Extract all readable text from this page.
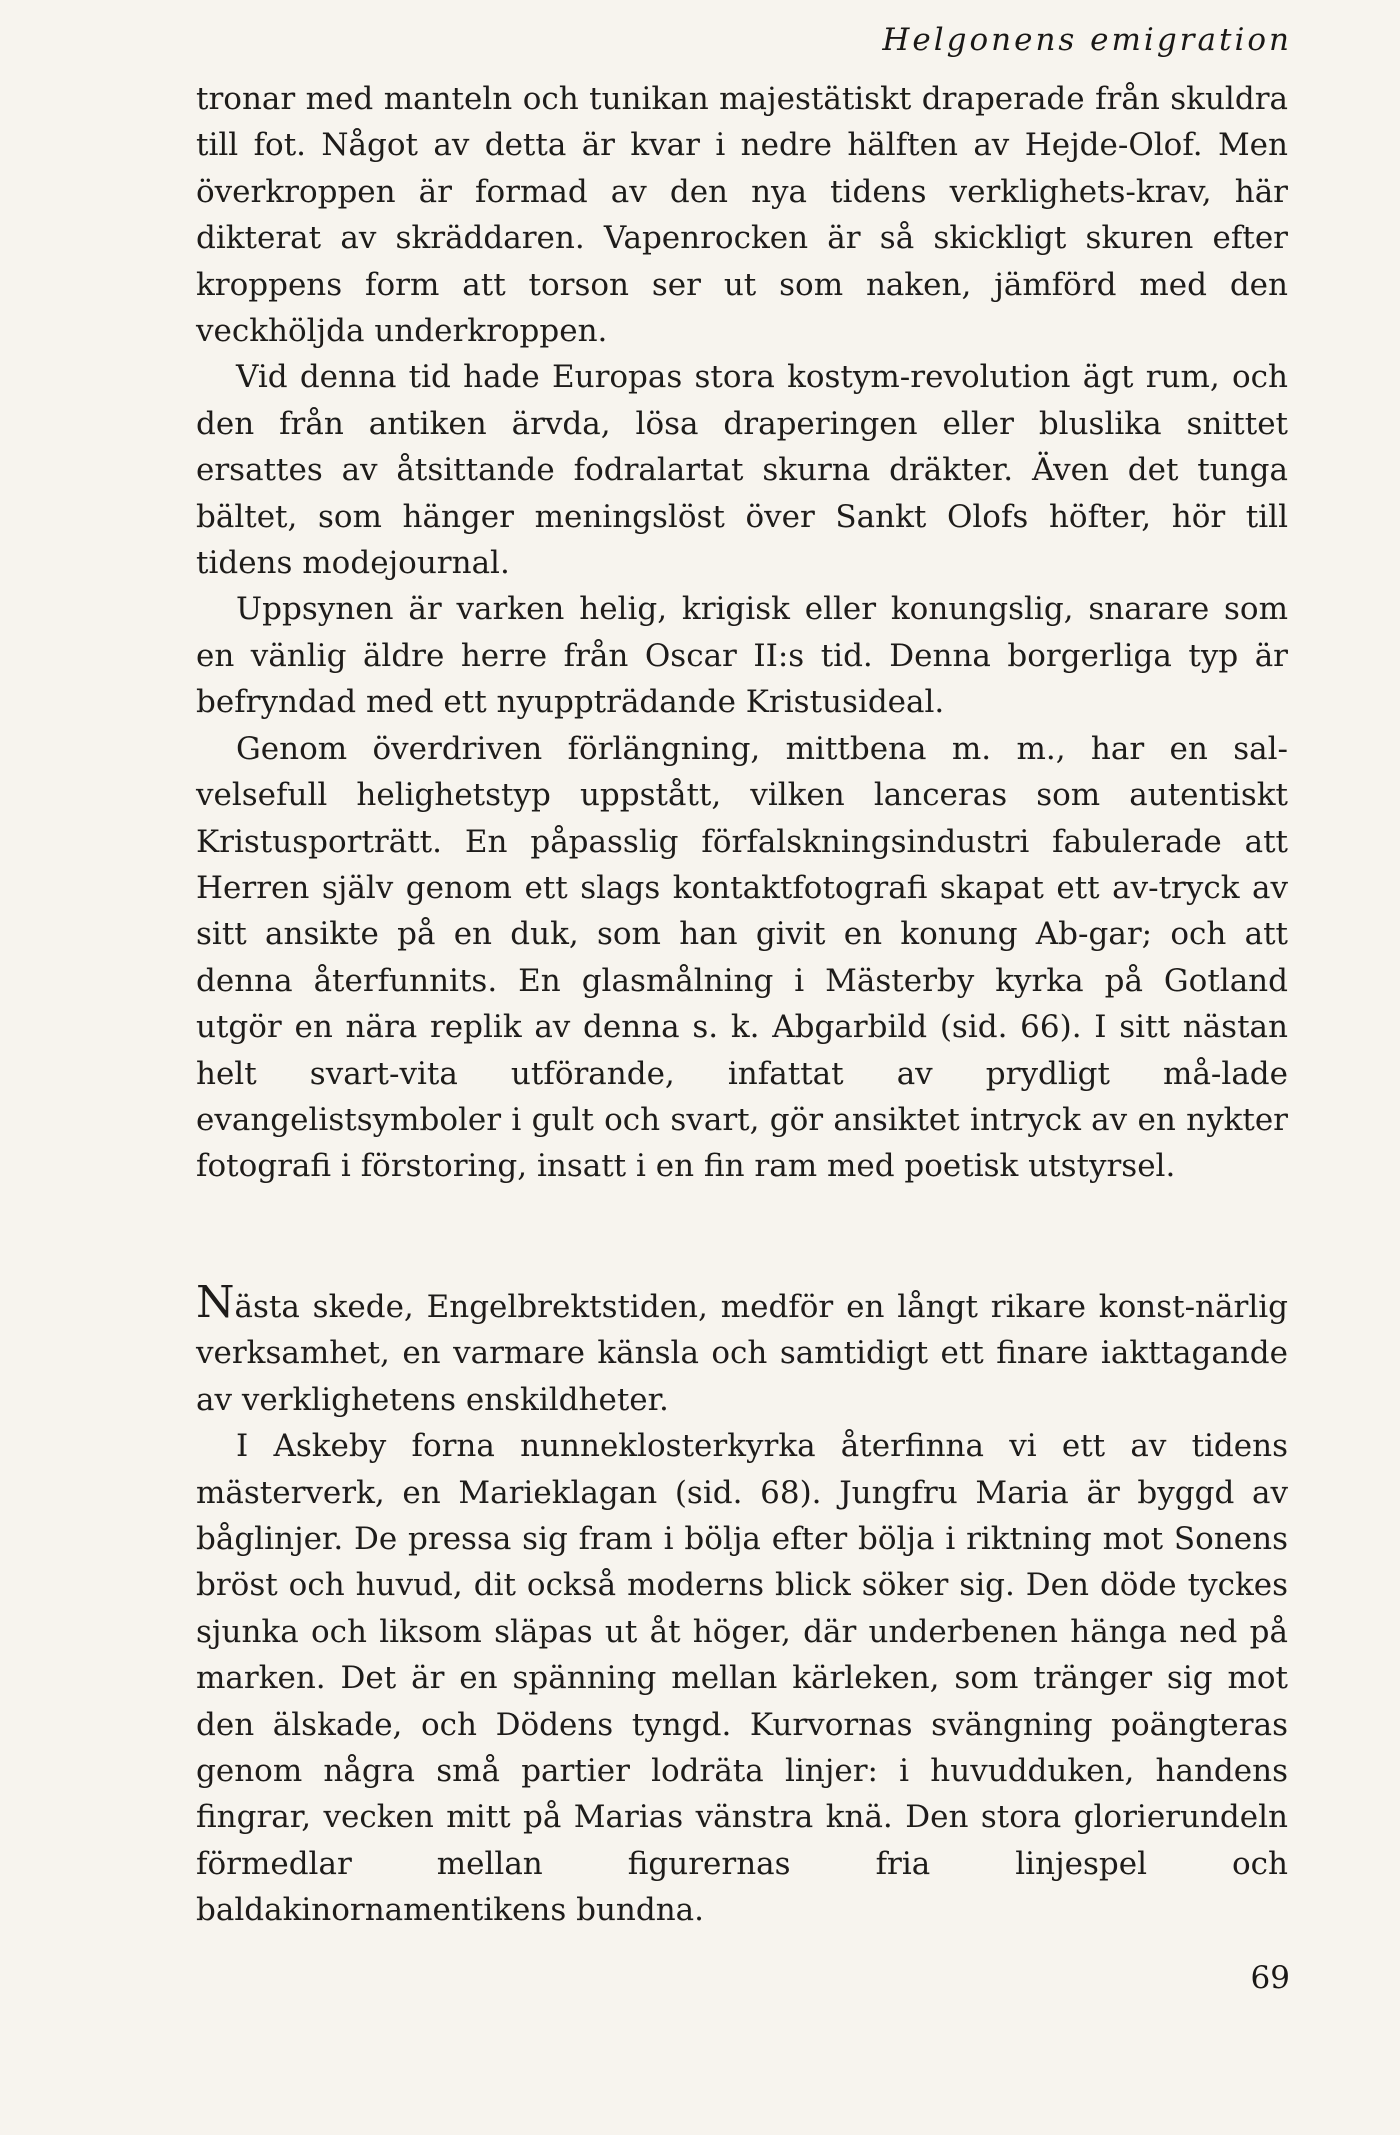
Helgonens emigration

tronar med manteln och tunikan majestätiskt draperade från skuldra till fot. Något av detta är kvar i nedre hälften av Hejde-Olof. Men överkroppen är formad av den nya tidens verklighets-krav, här dikterat av skräddaren. Vapenrocken är så skickligt skuren efter kroppens form att torson ser ut som naken, jämförd med den veckhöljda underkroppen.

Vid denna tid hade Europas stora kostym-revolution ägt rum, och den från antiken ärvda, lösa draperingen eller bluslika snittet ersattes av åtsittande fodralartat skurna dräkter. Även det tunga bältet, som hänger meningslöst över Sankt Olofs höfter, hör till tidens modejournal.

Uppsynen är varken helig, krigisk eller konungslig, snarare som en vänlig äldre herre från Oscar II:s tid. Denna borgerliga typ är befryndad med ett nyuppträdande Kristusideal.

Genom överdriven förlängning, mittbena m. m., har en sal-velsefull helighetstyp uppstått, vilken lanceras som autentiskt Kristusporträtt. En påpasslig förfalskningsindustri fabulerade att Herren själv genom ett slags kontaktfotografi skapat ett av-tryck av sitt ansikte på en duk, som han givit en konung Ab-gar; och att denna återfunnits. En glasmålning i Mästerby kyrka på Gotland utgör en nära replik av denna s. k. Abgarbild (sid. 66). I sitt nästan helt svart-vita utförande, infattat av prydligt må-lade evangelistsymboler i gult och svart, gör ansiktet intryck av en nykter fotografi i förstoring, insatt i en fin ram med poetisk utstyrsel.

Nästa skede, Engelbrektstiden, medför en långt rikare konst-närlig verksamhet, en varmare känsla och samtidigt ett finare iakttagande av verklighetens enskildheter.

I Askeby forna nunneklosterkyrka återfinna vi ett av tidens mästerverk, en Marieklagan (sid. 68). Jungfru Maria är byggd av båglinjer. De pressa sig fram i bölja efter bölja i riktning mot Sonens bröst och huvud, dit också moderns blick söker sig. Den döde tyckes sjunka och liksom släpas ut åt höger, där underbenen hänga ned på marken. Det är en spänning mellan kärleken, som tränger sig mot den älskade, och Dödens tyngd. Kurvornas svängning poängteras genom några små partier lodräta linjer: i huvudduken, handens fingrar, vecken mitt på Marias vänstra knä. Den stora glorierundeln förmedlar mellan figurernas fria linjespel och baldakinornamentikens bundna.

69
